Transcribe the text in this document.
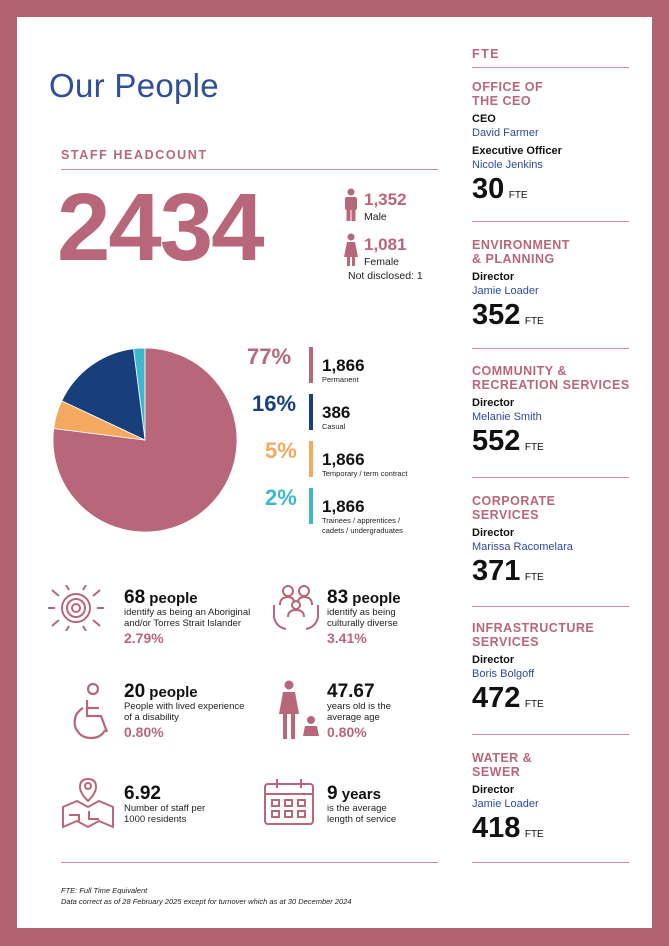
Our People
STAFF HEADCOUNT
2434	1,352
Male
1,081
Female
Not disclosed: 1
77% 1,866
Permanent
16% 386
Casual
5% 1,866
Temporary / term contract
2% 1,866
Trainees / apprentices /
cadets / undergraduates
68 people
identify as being an Aboriginal
and/or Torres Strait Islander
2.79%
83 people
identify as being
culturally diverse
3.41%
20 people
People with lived experience
of a disability
0.80%
47.67
years old is the
average age
0.80%
6.92
Number of staff per
1000 residents
9 years
is the average
length of service
FTE: Full Time Equivalent
Data correct as of 28 February 2025 except for turnover which as at 30 December 2024
FTE
OFFICE OF
THE CEO
CEO
David Farmer
Executive Officer
Nicole Jenkins
30 FTE
ENVIRONMENT
& PLANNING
Director
Jamie Loader
352 FTE
COMMUNITY &
RECREATION SERVICES
Director
Melanie Smith
552 FTE
CORPORATE
SERVICES
Director
Marissa Racomelara
371 FTE
INFRASTRUCTURE
SERVICES
Director
Boris Bolgoff
472 FTE
WATER &
SEWER
Director
Jamie Loader
418 FTE
